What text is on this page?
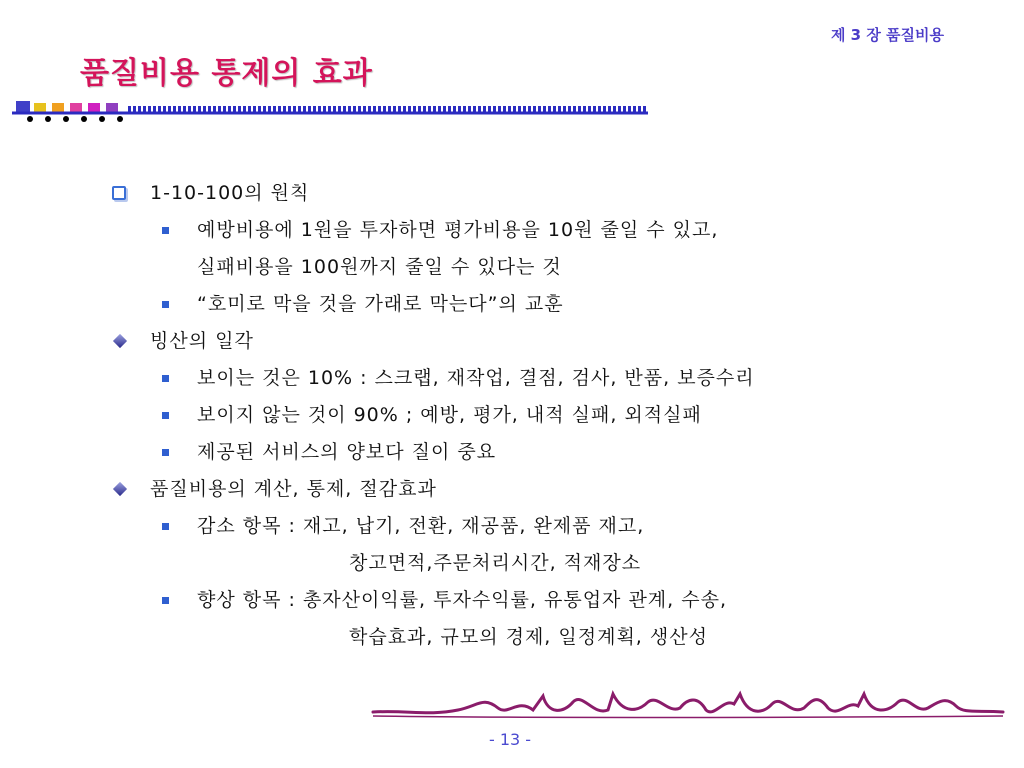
제 3 장 품질비용
품질비용 통제의 효과
1-10-100의 원칙
예방비용에 1원을 투자하면 평가비용을 10원 줄일 수 있고,
실패비용을 100원까지 줄일 수 있다는 것
“호미로 막을 것을 가래로 막는다”의 교훈
빙산의 일각
보이는 것은 10% : 스크랩, 재작업, 결점, 검사, 반품, 보증수리
보이지 않는 것이 90% ; 예방, 평가, 내적 실패, 외적실패
제공된 서비스의 양보다 질이 중요
품질비용의 계산, 통제, 절감효과
감소 항목 : 재고, 납기, 전환, 재공품, 완제품 재고,
창고면적,주문처리시간, 적재장소
향상 항목 : 총자산이익률, 투자수익률, 유통업자 관계, 수송,
학습효과, 규모의 경제, 일정계획, 생산성
- 13 -
